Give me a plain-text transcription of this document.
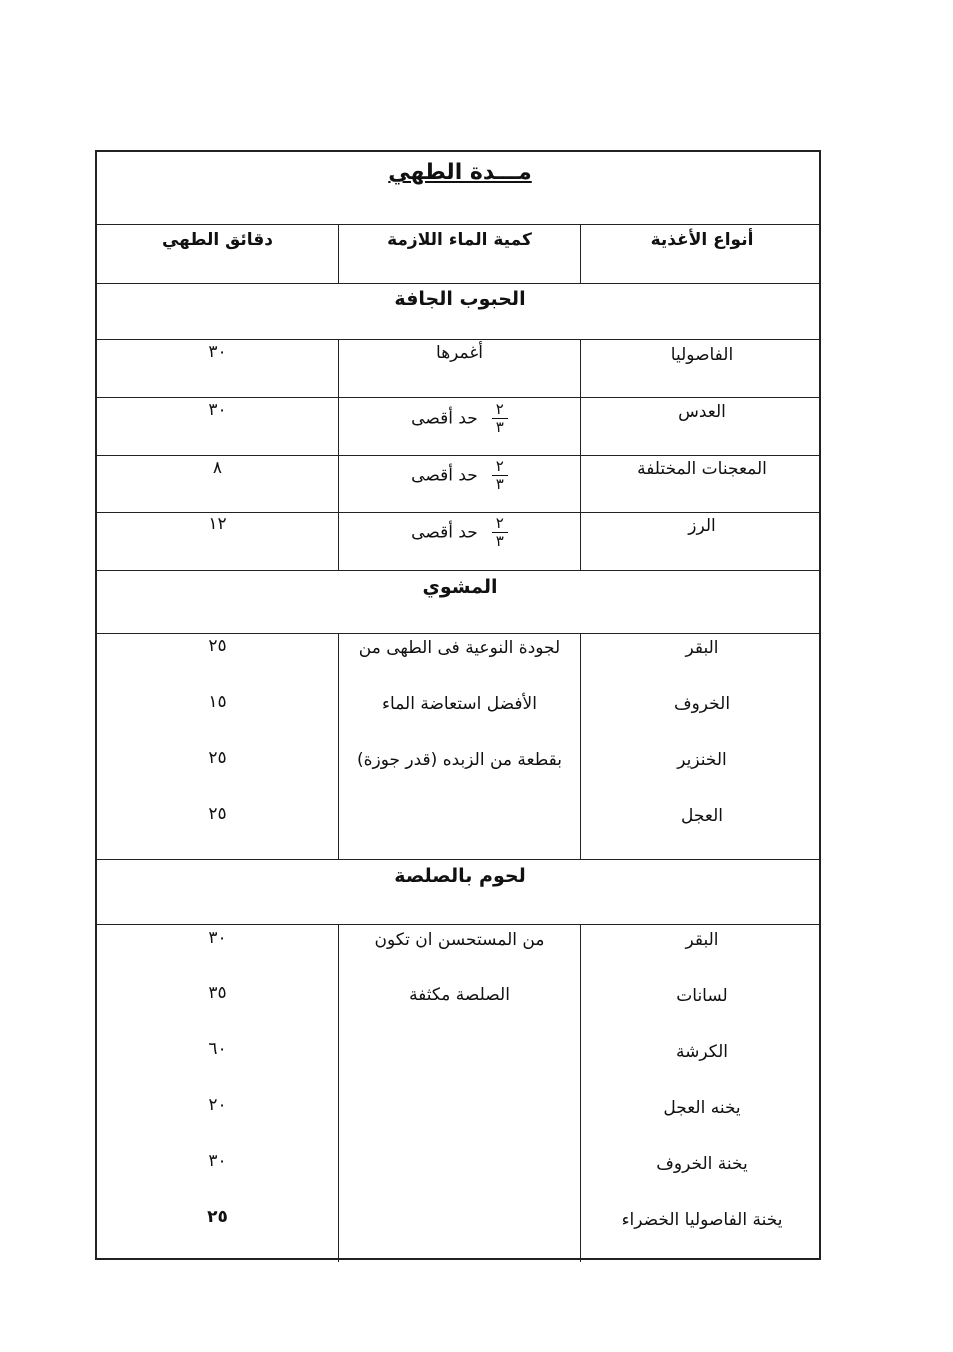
مـــدة الطهي
أنواع الأغذية
كمية الماء اللازمة
دقائق الطهي
الحبوب الجافة
الفاصوليا
أغمرها
٣٠
العدس
$\frac{٢}{٣}$
حد أقصى
٣٠
المعجنات المختلفة
$\frac{٢}{٣}$
حد أقصى
٨
الرز
$\frac{٢}{٣}$
حد أقصى
١٢
المشوي
البقر
الخروف
الخنزير
العجل
لجودة النوعية فى الطهى من
الأفضل استعاضة الماء
بقطعة من الزبده (قدر جوزة)
٢٥
١٥
٢٥
٢٥
لحوم بالصلصة
البقر
لسانات
الكرشة
يخنه العجل
يخنة الخروف
يخنة الفاصوليا الخضراء
من المستحسن ان تكون
الصلصة مكثفة
٣٠
٣٥
٦٠
٢٠
٣٠
٢٥
